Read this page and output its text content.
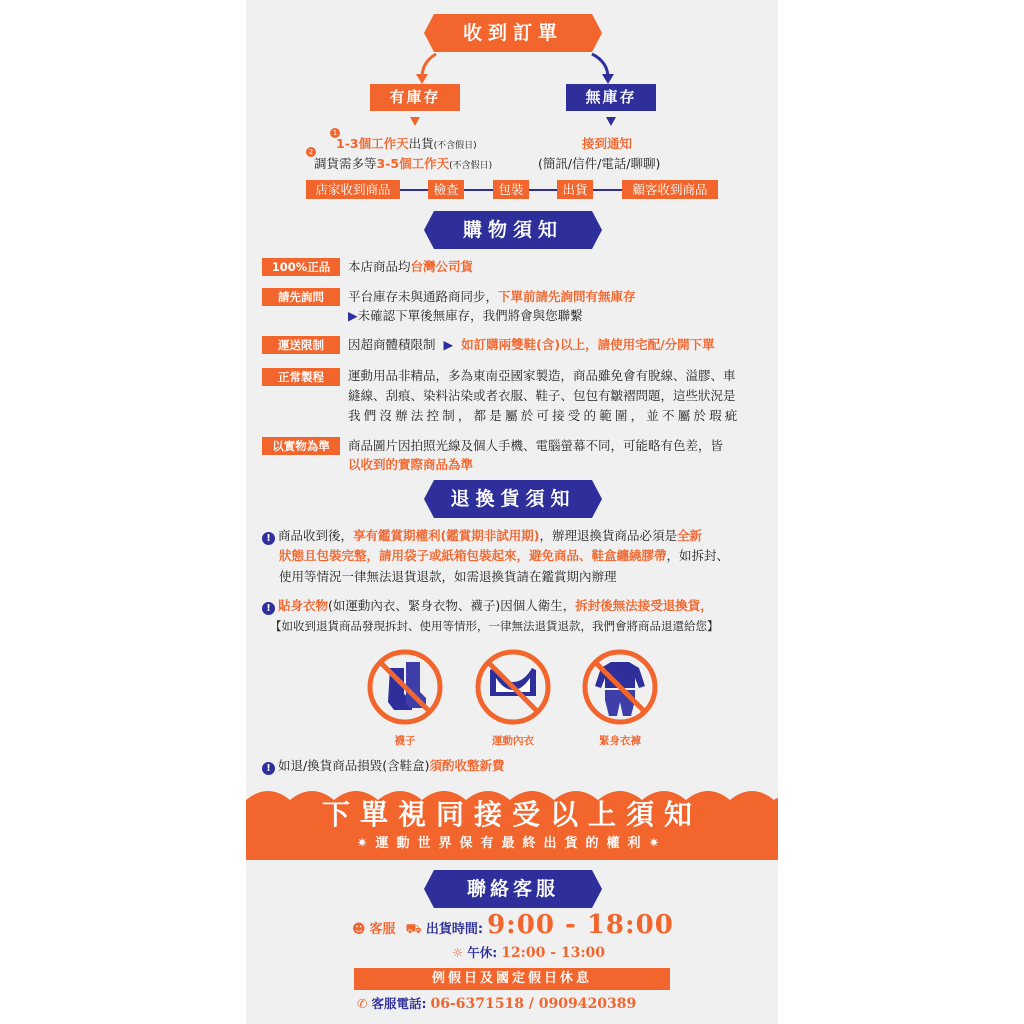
收到訂單
有庫存	無庫存
1
1-3個工作天出貨(不含假日)
2
調貨需多等3-5個工作天(不含假日)
接到通知
(簡訊/信件/電話/聊聊)
店家收到商品	檢查	包裝	出貨	顧客收到商品
購物須知
100%正品	本店商品均台灣公司貨
請先詢問	平台庫存未與通路商同步，下單前請先詢問有無庫存
▶未確認下單後無庫存，我們將會與您聯繫
運送限制	因超商體積限制 ▶ 如訂購兩雙鞋(含)以上，請使用宅配/分開下單
正常製程	運動用品非精品，多為東南亞國家製造，商品雖免會有脫線、溢膠、車
縫線、刮痕、染料沾染或者衣服、鞋子、包包有皺褶問題，這些狀況是
我們沒辦法控制，都是屬於可接受的範圍，並不屬於瑕疵
以實物為準	商品圖片因拍照光線及個人手機、電腦螢幕不同，可能略有色差，皆
以收到的實際商品為準
退換貨須知
! 商品收到後，享有鑑賞期權利(鑑賞期非試用期)，辦理退換貨商品必須是全新
狀態且包裝完整，請用袋子或紙箱包裝起來，避免商品、鞋盒纏繞膠帶，如拆封、
使用等情況一律無法退貨退款，如需退換貨請在鑑賞期內辦理
! 貼身衣物(如運動內衣、緊身衣物、襪子)因個人衛生，拆封後無法接受退換貨，
【如收到退貨商品發現拆封、使用等情形，一律無法退貨退款，我們會將商品退還給您】
襪子	運動內衣	緊身衣褲
! 如退/換貨商品損毀(含鞋盒)須酌收整新費
下單視同接受以上須知
✷運動世界保有最終出貨的權利✷
聯絡客服
☻ 客服 ⛟ 出貨時間: 9:00 - 18:00
☼ 午休: 12:00 - 13:00
例假日及國定假日休息
✆ 客服電話: 06-6371518 / 0909420389
